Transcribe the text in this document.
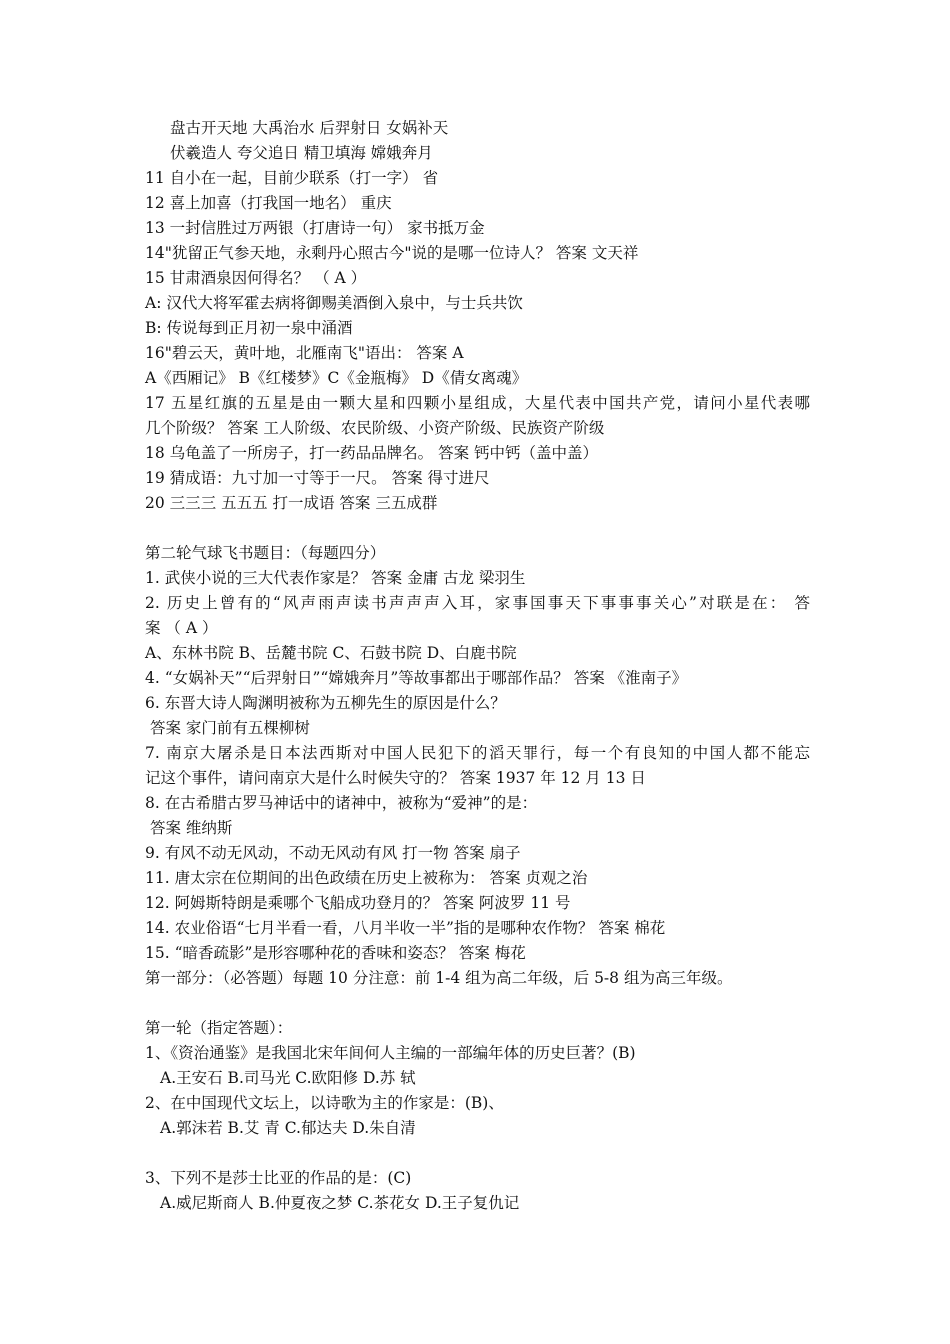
盘古开天地 大禹治水 后羿射日 女娲补天
伏羲造人 夸父追日 精卫填海 嫦娥奔月
11 自小在一起，目前少联系（打一字） 省
12 喜上加喜（打我国一地名） 重庆
13 一封信胜过万两银（打唐诗一句） 家书抵万金
14"犹留正气参天地，永剩丹心照古今"说的是哪一位诗人？ 答案 文天祥
15 甘肃酒泉因何得名？ （ A ）
A: 汉代大将军霍去病将御赐美酒倒入泉中，与士兵共饮
B: 传说每到正月初一泉中涌酒
16"碧云天，黄叶地，北雁南飞"语出： 答案 A
A《西厢记》 B《红楼梦》C《金瓶梅》 D《倩女离魂》
17 五星红旗的五星是由一颗大星和四颗小星组成，大星代表中国共产党，请问小星代表哪
几个阶级？ 答案 工人阶级、农民阶级、小资产阶级、民族资产阶级
18 乌龟盖了一所房子，打一药品品牌名。 答案 钙中钙（盖中盖）
19 猜成语：九寸加一寸等于一尺。 答案 得寸进尺
20 三三三 五五五 打一成语 答案 三五成群
第二轮气球飞书题目：（每题四分）
1. 武侠小说的三大代表作家是？ 答案 金庸 古龙 梁羽生
2. 历史上曾有的“风声雨声读书声声声入耳，家事国事天下事事事关心”对联是在： 答
案 （ A ）
A、东林书院 B、岳麓书院 C、石鼓书院 D、白鹿书院
4. “女娲补天”“后羿射日”“嫦娥奔月”等故事都出于哪部作品？ 答案 《淮南子》
6. 东晋大诗人陶渊明被称为五柳先生的原因是什么？
答案 家门前有五棵柳树
7. 南京大屠杀是日本法西斯对中国人民犯下的滔天罪行，每一个有良知的中国人都不能忘
记这个事件，请问南京大是什么时候失守的？ 答案 1937 年 12 月 13 日
8. 在古希腊古罗马神话中的诸神中，被称为“爱神”的是：
答案 维纳斯
9. 有风不动无风动，不动无风动有风 打一物 答案 扇子
11. 唐太宗在位期间的出色政绩在历史上被称为： 答案 贞观之治
12. 阿姆斯特朗是乘哪个飞船成功登月的？ 答案 阿波罗 11 号
14. 农业俗语“七月半看一看，八月半收一半”指的是哪种农作物？ 答案 棉花
15. “暗香疏影”是形容哪种花的香味和姿态？ 答案 梅花
第一部分：（必答题）每题 10 分注意：前 1-4 组为高二年级，后 5-8 组为高三年级。
第一轮（指定答题）：
1、《资治通鉴》是我国北宋年间何人主编的一部编年体的历史巨著？(B)
A.王安石 B.司马光 C.欧阳修 D.苏 轼
2、在中国现代文坛上，以诗歌为主的作家是：(B)、
A.郭沫若 B.艾 青 C.郁达夫 D.朱自清
3、下列不是莎士比亚的作品的是：(C)
A.威尼斯商人 B.仲夏夜之梦 C.茶花女 D.王子复仇记
